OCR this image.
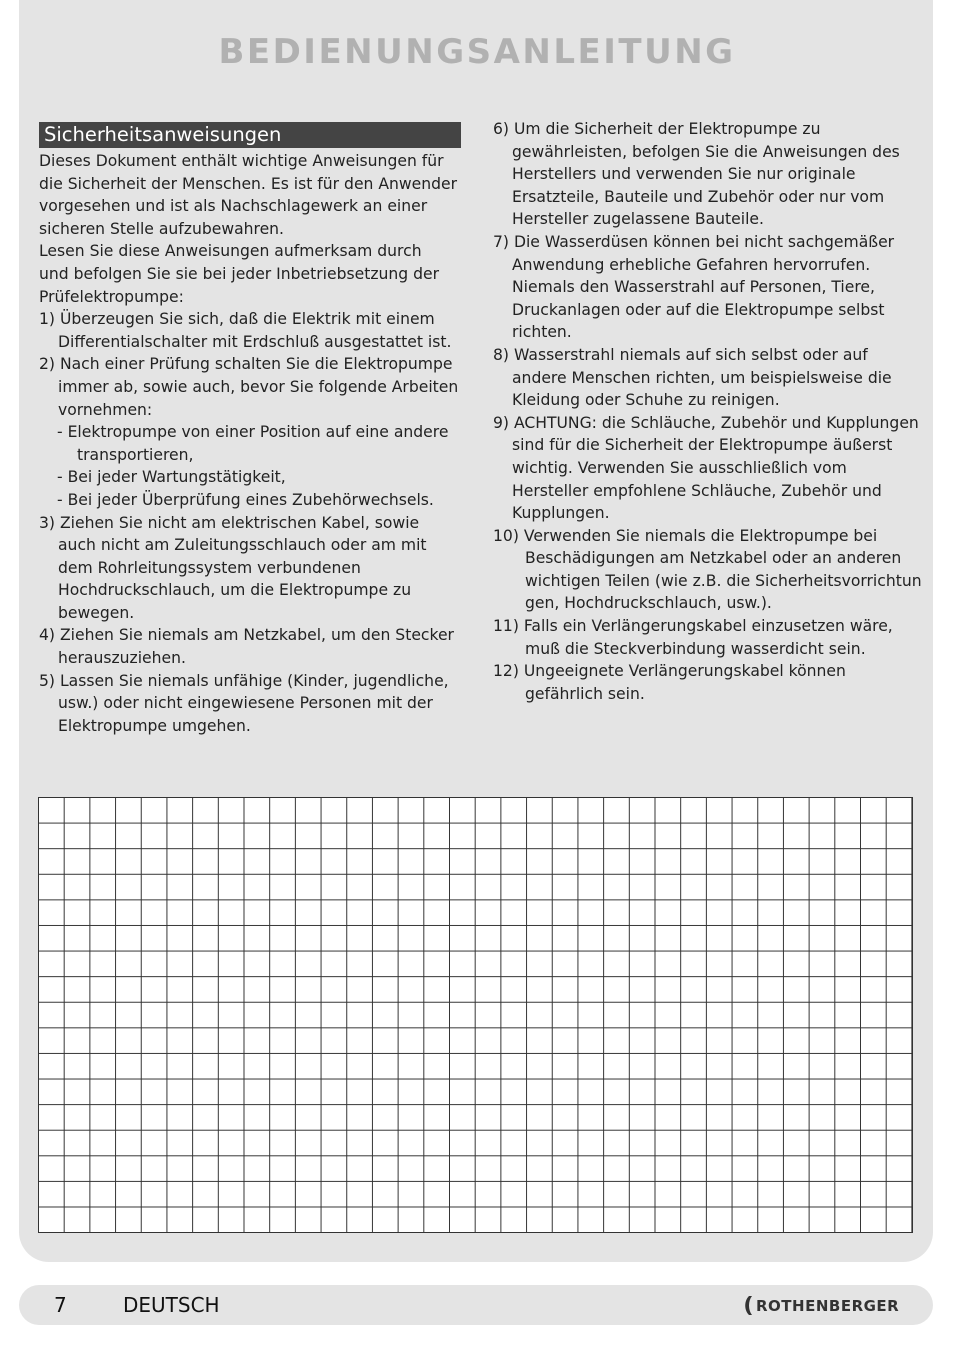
BEDIENUNGSANLEITUNG
Sicherheitsanweisungen

Dieses Dokument enthält wichtige Anweisungen für

die Sicherheit der Menschen. Es ist für den Anwender

vorgesehen und ist als Nachschlagewerk an einer

sicheren Stelle aufzubewahren.

Lesen Sie diese Anweisungen aufmerksam durch

und befolgen Sie sie bei jeder Inbetriebsetzung der

Prüfelektropumpe:

1) Überzeugen Sie sich, daß die Elektrik mit einem Differentialschalter mit Erdschluß ausgestattet ist.

2) Nach einer Prüfung schalten Sie die Elektropumpe immer ab, sowie auch, bevor Sie folgende Arbeiten vornehmen:

- Elektropumpe von einer Position auf eine andere transportieren,

- Bei jeder Wartungstätigkeit,

- Bei jeder Überprüfung eines Zubehörwechsels.

3) Ziehen Sie nicht am elektrischen Kabel, sowie auch nicht am Zuleitungsschlauch oder am mit dem Rohrleitungssystem verbundenen Hochdruckschlauch, um die Elektropumpe zu bewegen.

4) Ziehen Sie niemals am Netzkabel, um den Stecker herauszuziehen.

5) Lassen Sie niemals unfähige (Kinder, jugendliche, usw.) oder nicht eingewiesene Personen mit der Elektropumpe umgehen.

6) Um die Sicherheit der Elektropumpe zu gewährleisten, befolgen Sie die Anweisungen des Herstellers und verwenden Sie nur originale Ersatzteile, Bauteile und Zubehör oder nur vom Hersteller zugelassene Bauteile.

7) Die Wasserdüsen können bei nicht sachgemäßer Anwendung erhebliche Gefahren hervorrufen. Niemals den Wasserstrahl auf Personen, Tiere, Druckanlagen oder auf die Elektropumpe selbst richten.

8) Wasserstrahl niemals auf sich selbst oder auf andere Menschen richten, um beispielsweise die Kleidung oder Schuhe zu reinigen.

9) ACHTUNG: die Schläuche, Zubehör und Kupplungen sind für die Sicherheit der Elektropumpe äußerst wichtig. Verwenden Sie ausschließlich vom Hersteller empfohlene Schläuche, Zubehör und Kupplungen.

10) Verwenden Sie niemals die Elektropumpe bei Beschädigungen am Netzkabel oder an anderen wichtigen Teilen (wie z.B. die Sicherheitsvorrichtun gen, Hochdruckschlauch, usw.).

11) Falls ein Verlängerungskabel einzusetzen wäre, muß die Steckverbindung wasserdicht sein.

12) Ungeeignete Verlängerungskabel können gefährlich sein.

7	DEUTSCH	ROTHENBERGER
